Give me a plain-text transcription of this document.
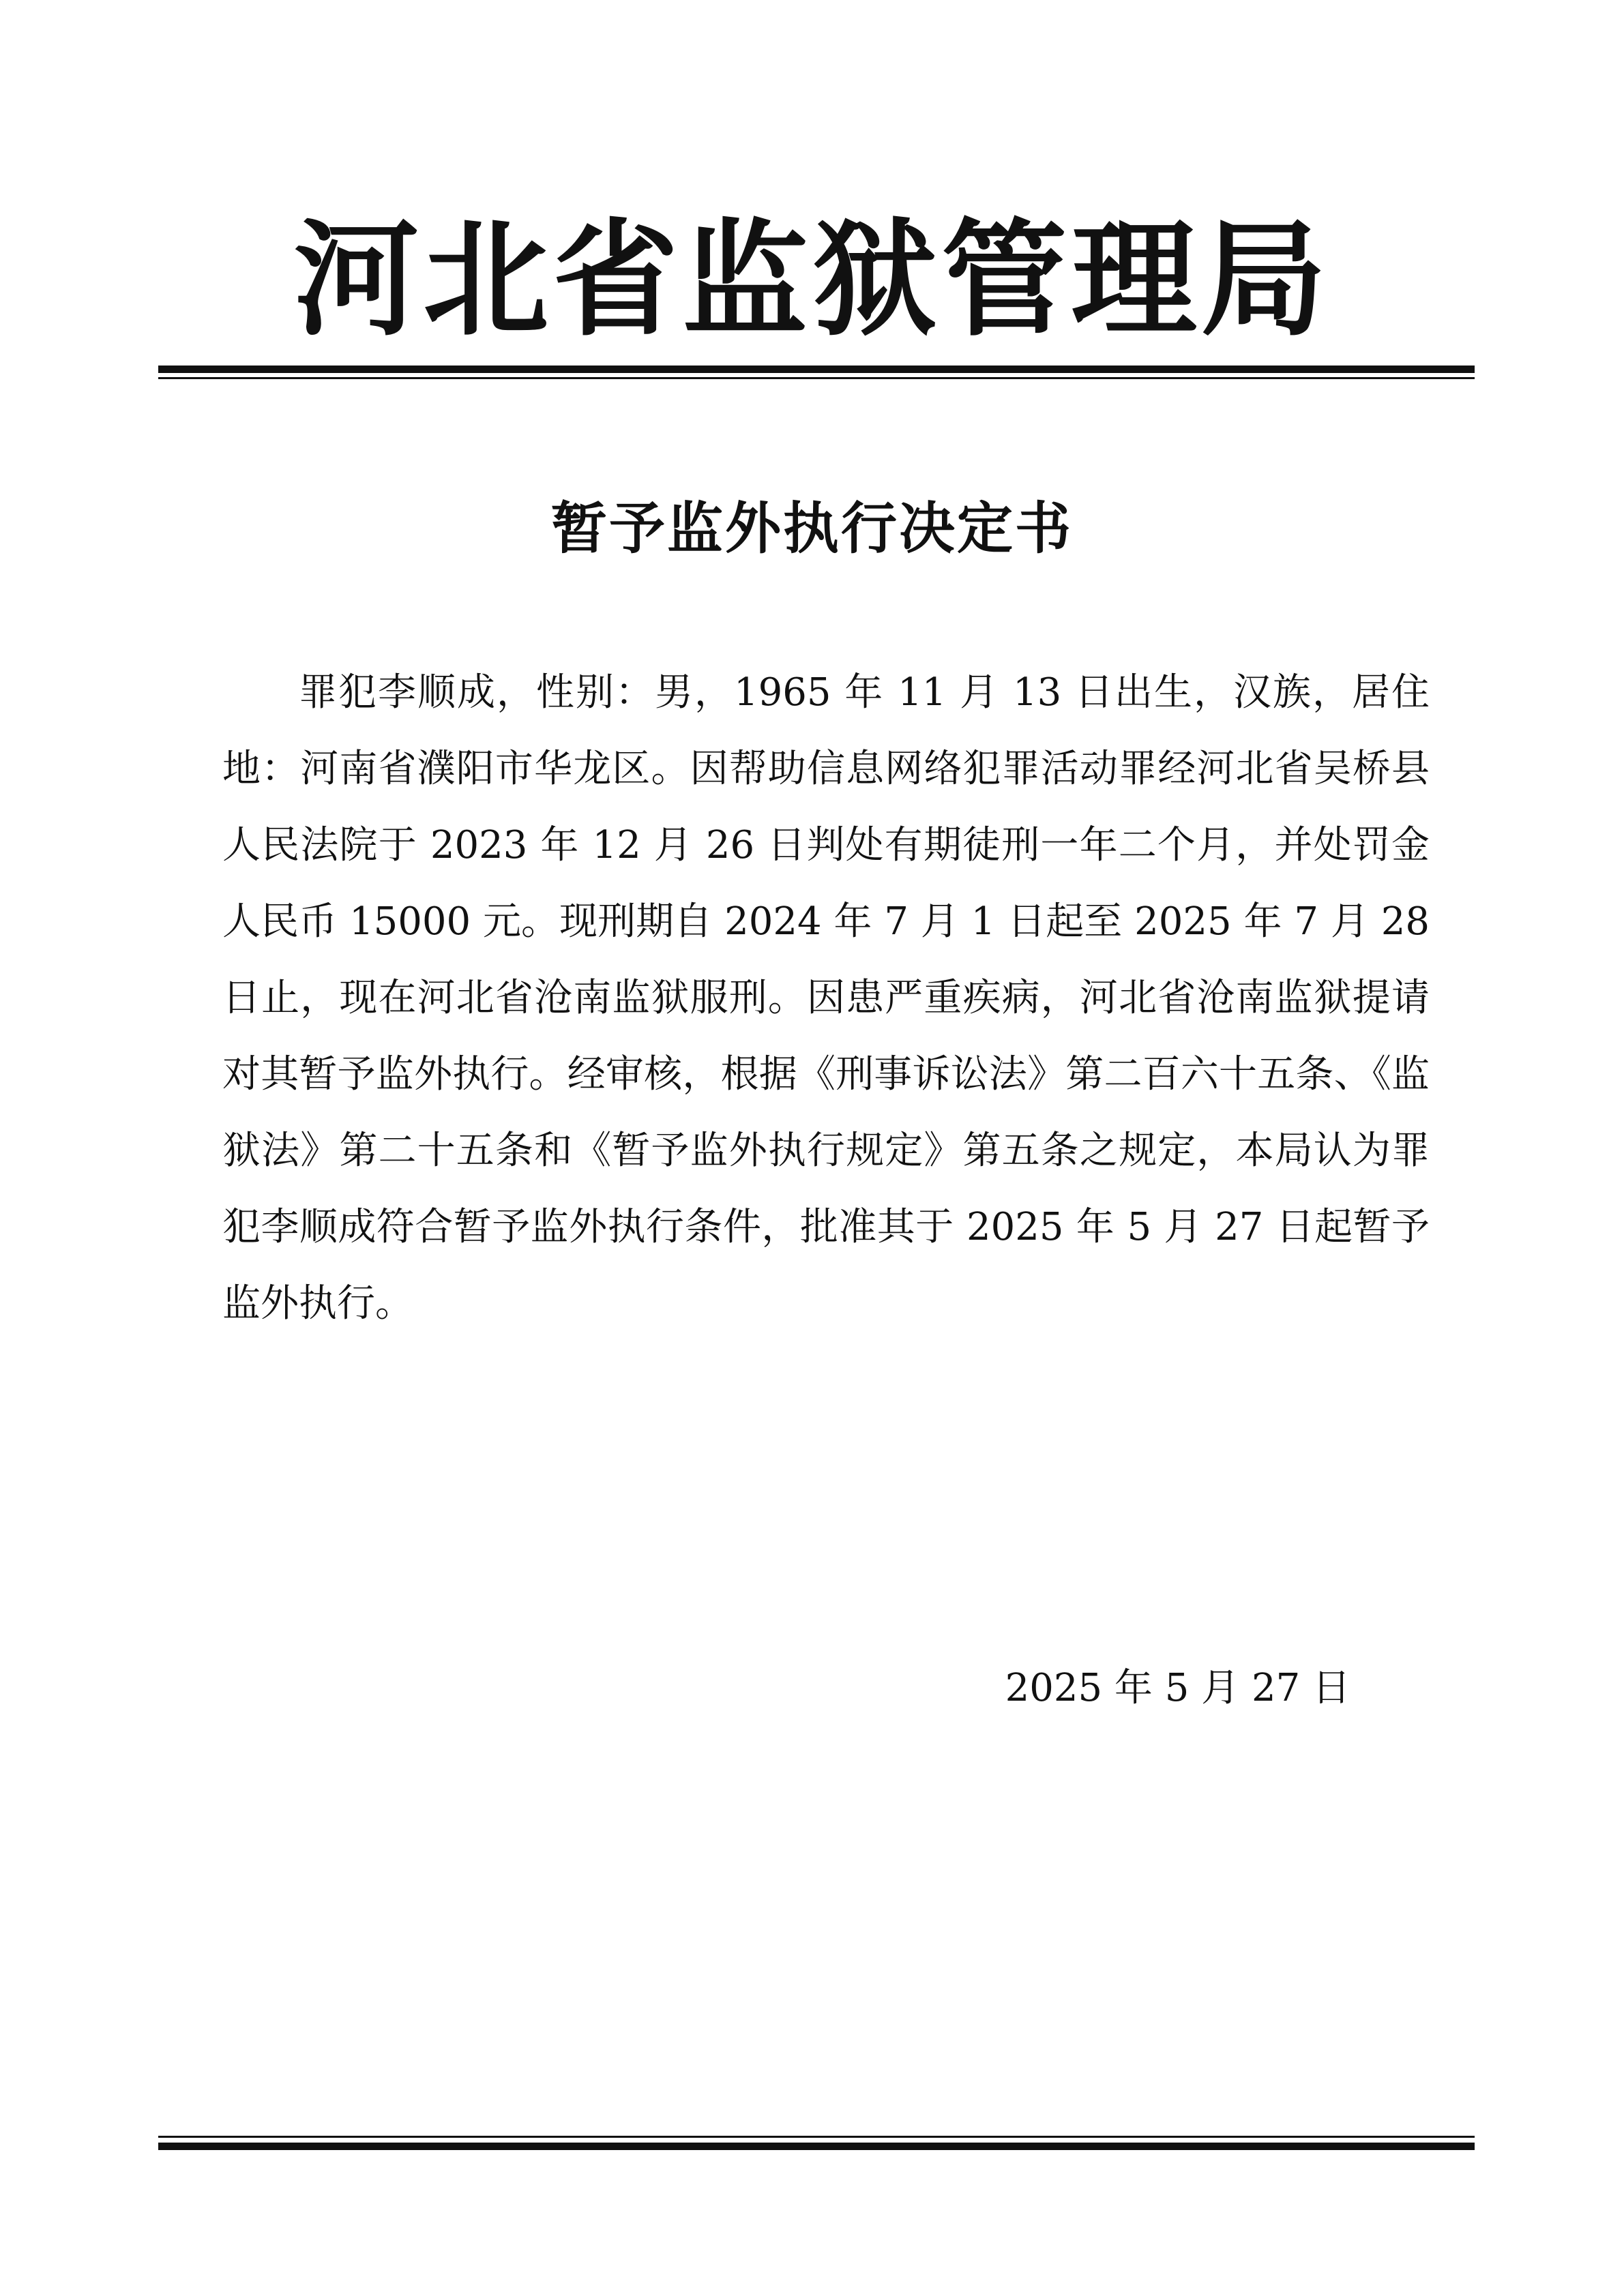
河北省监狱管理局
暂予监外执行决定书

罪犯李顺成，性别：男，1965 年 11 月 13 日出生，汉族，居住地：河南省濮阳市华龙区。因帮助信息网络犯罪活动罪经河北省吴桥县人民法院于 2023 年 12 月 26 日判处有期徒刑一年二个月，并处罚金人民币 15000 元。现刑期自 2024 年 7 月 1 日起至 2025 年 7 月 28 日止，现在河北省沧南监狱服刑。因患严重疾病，河北省沧南监狱提请对其暂予监外执行。经审核，根据《刑事诉讼法》第二百六十五条、《监狱法》第二十五条和《暂予监外执行规定》第五条之规定，本局认为罪犯李顺成符合暂予监外执行条件，批准其于 2025 年 5 月 27 日起暂予监外执行。

2025 年 5 月 27 日
